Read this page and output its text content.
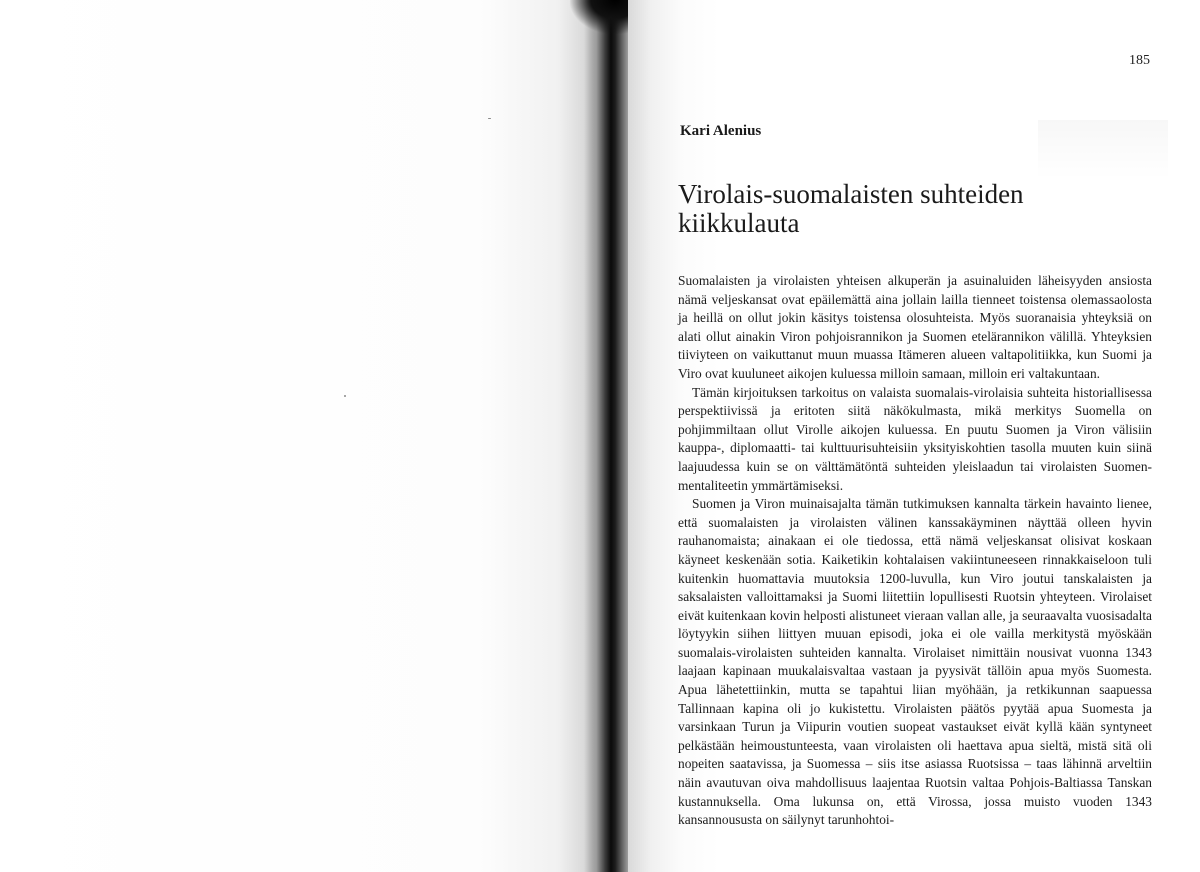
185
Kari Alenius
Virolais-suomalaisten suhteiden kiikkulauta

Suomalaisten ja virolaisten yhteisen alkuperän ja asuinaluiden läheisyyden ansiosta nämä veljeskansat ovat epäilemättä aina jollain lailla tienneet toistensa olemassaolosta ja heillä on ollut jokin käsitys toistensa olosuhteista. Myös suoranaisia yhteyksiä on alati ollut ainakin Viron pohjoisrannikon ja Suomen etelärannikon välillä. Yhteyksien tiiviyteen on vaikuttanut muun muassa Itämeren alueen valtapolitiikka, kun Suomi ja Viro ovat kuuluneet aikojen kuluessa milloin samaan, milloin eri valtakuntaan.

Tämän kirjoituksen tarkoitus on valaista suomalais-virolaisia suhteita historiallisessa perspektiivissä ja eritoten siitä näkökulmasta, mikä merkitys Suomella on pohjimmiltaan ollut Virolle aikojen kuluessa. En puutu Suomen ja Viron välisiin kauppa-, diplomaatti- tai kulttuurisuhteisiin yksityiskohtien tasolla muuten kuin siinä laajuudessa kuin se on välttämätöntä suhteiden yleislaadun tai virolaisten Suomen-mentaliteetin ymmärtämiseksi.

Suomen ja Viron muinaisajalta tämän tutkimuksen kannalta tärkein havainto lienee, että suomalaisten ja virolaisten välinen kanssakäyminen näyttää olleen hyvin rauhanomaista; ainakaan ei ole tiedossa, että nämä veljeskansat olisivat koskaan käyneet keskenään sotia. Kaiketikin kohtalaisen vakiintuneeseen rinnakkaiseloon tuli kuitenkin huomattavia muutoksia 1200-luvulla, kun Viro joutui tanskalaisten ja saksalaisten valloittamaksi ja Suomi liitettiin lopullisesti Ruotsin yhteyteen. Virolaiset eivät kuitenkaan kovin helposti alistuneet vieraan vallan alle, ja seuraavalta vuosisadalta löytyykin siihen liittyen muuan episodi, joka ei ole vailla merkitystä myöskään suomalais-virolaisten suhteiden kannalta. Virolaiset nimittäin nousivat vuonna 1343 laajaan kapinaan muukalaisvaltaa vastaan ja pyysivät tällöin apua myös Suomesta. Apua lähetettiinkin, mutta se tapahtui liian myöhään, ja retkikunnan saapuessa Tallinnaan kapina oli jo kukistettu. Virolaisten päätös pyytää apua Suomesta ja varsinkaan Turun ja Viipurin voutien suopeat vastaukset eivät kyllä kään syntyneet pelkästään heimoustunteesta, vaan virolaisten oli haettava apua sieltä, mistä sitä oli nopeiten saatavissa, ja Suomessa – siis itse asiassa Ruotsissa – taas lähinnä arveltiin näin avautuvan oiva mahdollisuus laajentaa Ruotsin valtaa Pohjois-Baltiassa Tanskan kustannuksella. Oma lukunsa on, että Virossa, jossa muisto vuoden 1343 kansannoususta on säilynyt tarunhohtoi-
